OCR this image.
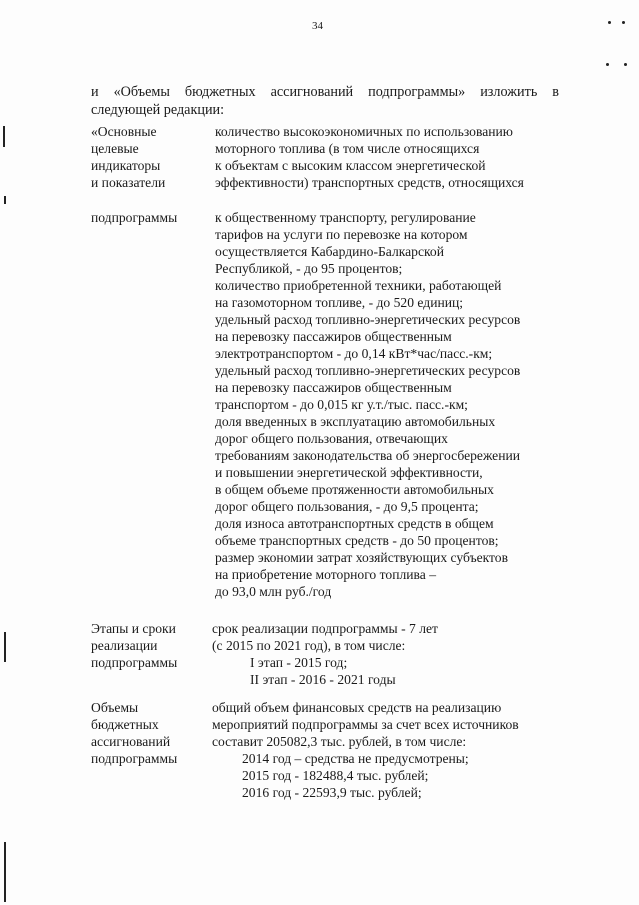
34
и «Объемы бюджетных ассигнований подпрограммы» изложить в
следующей редакции:
«Основные
целевые
индикаторы
и показатели
количество высокоэкономичных по использованию
моторного топлива (в том числе относящихся
к объектам с высоким классом энергетической
эффективности) транспортных средств, относящихся
подпрограммы	к общественному транспорту, регулирование
тарифов на услуги по перевозке на котором
осуществляется Кабардино-Балкарской
Республикой, - до 95 процентов;
количество приобретенной техники, работающей
на газомоторном топливе, - до 520 единиц;
удельный расход топливно-энергетических ресурсов
на перевозку пассажиров общественным
электротранспортом - до 0,14 кВт*час/пасс.-км;
удельный расход топливно-энергетических ресурсов
на перевозку пассажиров общественным
транспортом - до 0,015 кг у.т./тыс. пасс.-км;
доля введенных в эксплуатацию автомобильных
дорог общего пользования, отвечающих
требованиям законодательства об энергосбережении
и повышении энергетической эффективности,
в общем объеме протяженности автомобильных
дорог общего пользования, - до 9,5 процента;
доля износа автотранспортных средств в общем
объеме транспортных средств - до 50 процентов;
размер экономии затрат хозяйствующих субъектов
на приобретение моторного топлива –
до 93,0 млн руб./год
Этапы и сроки
реализации
подпрограммы
срок реализации подпрограммы - 7 лет
(с 2015 по 2021 год), в том числе:
I этап - 2015 год;
II этап - 2016 - 2021 годы
Объемы
бюджетных
ассигнований
подпрограммы
общий объем финансовых средств на реализацию
мероприятий подпрограммы за счет всех источников
составит 205082,3 тыс. рублей, в том числе:
2014 год – средства не предусмотрены;
2015 год - 182488,4 тыс. рублей;
2016 год - 22593,9 тыс. рублей;
